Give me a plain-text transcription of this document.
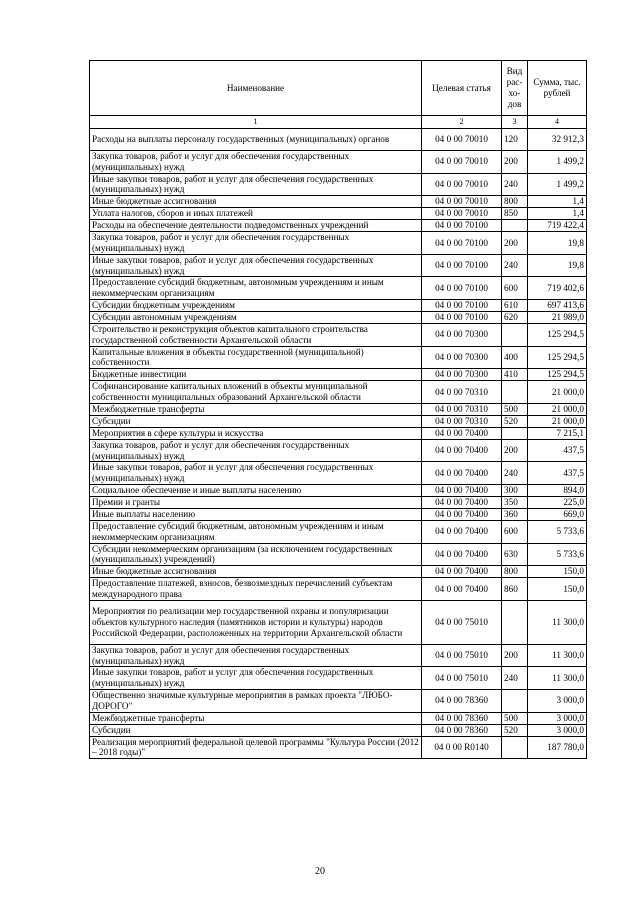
Наименование	Целевая статья	Вид рас-хо-дов	Сумма, тыс. рублей
1	2	3	4
Расходы на выплаты персоналу государственных (муниципальных) органов	04 0 00 70010	120	32 912,3
Закупка товаров, работ и услуг для обеспечения государственных (муниципальных) нужд	04 0 00 70010	200	1 499,2
Иные закупки товаров, работ и услуг для обеспечения государственных (муниципальных) нужд	04 0 00 70010	240	1 499,2
Иные бюджетные ассигнования	04 0 00 70010	800	1,4
Уплата налогов, сборов и иных платежей	04 0 00 70010	850	1,4
Расходы на обеспечение деятельности подведомственных учреждений	04 0 00 70100		719 422,4
Закупка товаров, работ и услуг для обеспечения государственных (муниципальных) нужд	04 0 00 70100	200	19,8
Иные закупки товаров, работ и услуг для обеспечения государственных (муниципальных) нужд	04 0 00 70100	240	19,8
Предоставление субсидий бюджетным, автономным учреждениям и иным некоммерческим организациям	04 0 00 70100	600	719 402,6
Субсидии бюджетным учреждениям	04 0 00 70100	610	697 413,6
Субсидии автономным учреждениям	04 0 00 70100	620	21 989,0
Строительство и реконструкция объектов капитального строительства государственной собственности Архангельской области	04 0 00 70300		125 294,5
Капитальные вложения в объекты государственной (муниципальной) собственности	04 0 00 70300	400	125 294,5
Бюджетные инвестиции	04 0 00 70300	410	125 294,5
Софинансирование капитальных вложений в объекты муниципальной собственности муниципальных образований Архангельской области	04 0 00 70310		21 000,0
Межбюджетные трансферты	04 0 00 70310	500	21 000,0
Субсидии	04 0 00 70310	520	21 000,0
Мероприятия в сфере культуры и искусства	04 0 00 70400		7 215,1
Закупка товаров, работ и услуг для обеспечения государственных (муниципальных) нужд	04 0 00 70400	200	437,5
Иные закупки товаров, работ и услуг для обеспечения государственных (муниципальных) нужд	04 0 00 70400	240	437,5
Социальное обеспечение и иные выплаты населению	04 0 00 70400	300	894,0
Премии и гранты	04 0 00 70400	350	225,0
Иные выплаты населению	04 0 00 70400	360	669,0
Предоставление субсидий бюджетным, автономным учреждениям и иным некоммерческим организациям	04 0 00 70400	600	5 733,6
Субсидии некоммерческим организациям (за исключением государственных (муниципальных) учреждений)	04 0 00 70400	630	5 733,6
Иные бюджетные ассигнования	04 0 00 70400	800	150,0
Предоставление платежей, взносов, безвозмездных перечислений субъектам международного права	04 0 00 70400	860	150,0
Мероприятия по реализации мер государственной охраны и популяризации объектов культурного наследия (памятников истории и культуры) народов Российской Федерации, расположенных на территории Архангельской области	04 0 00 75010		11 300,0
Закупка товаров, работ и услуг для обеспечения государственных (муниципальных) нужд	04 0 00 75010	200	11 300,0
Иные закупки товаров, работ и услуг для обеспечения государственных (муниципальных) нужд	04 0 00 75010	240	11 300,0
Общественно значимые культурные мероприятия в рамках проекта "ЛЮБО-ДОРОГО"	04 0 00 78360		3 000,0
Межбюджетные трансферты	04 0 00 78360	500	3 000,0
Субсидии	04 0 00 78360	520	3 000,0
Реализация мероприятий федеральной целевой программы "Культура России (2012 – 2018 годы)"	04 0 00 R0140		187 780,0
20
